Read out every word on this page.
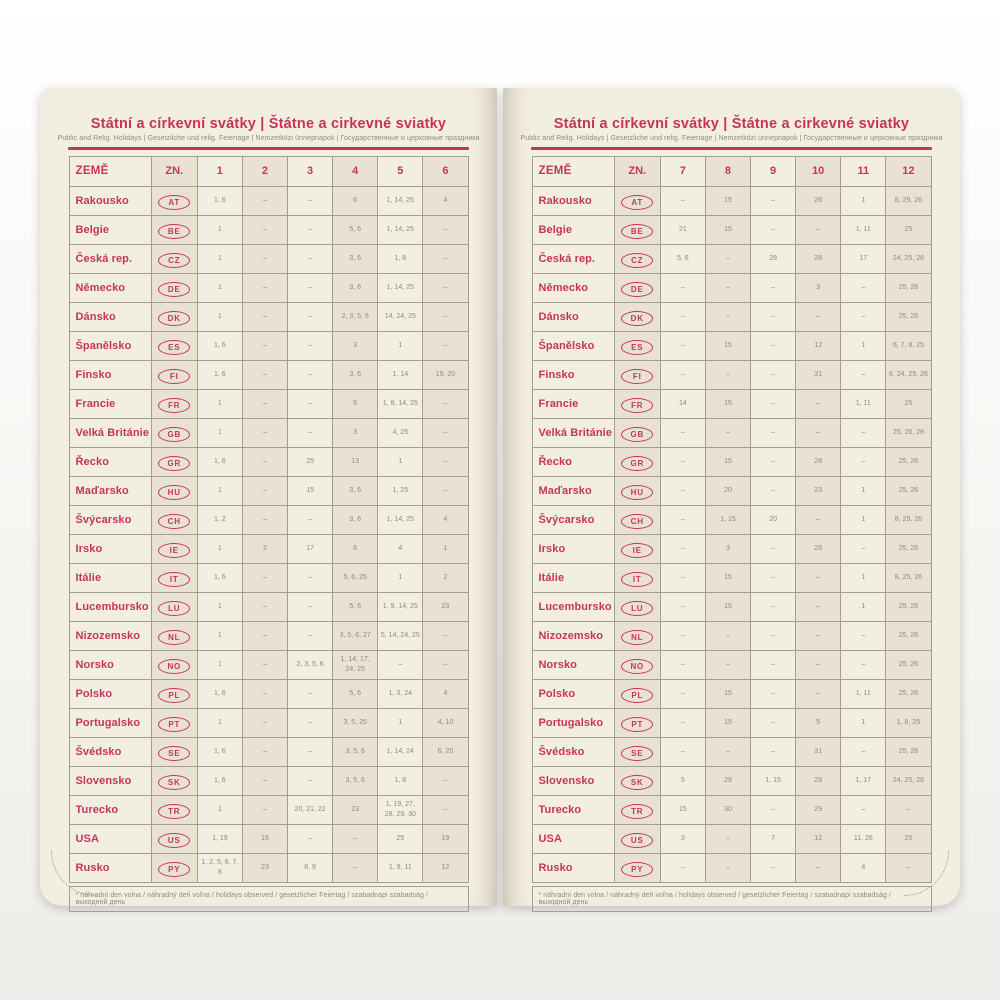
Státní a církevní svátky | Štátne a cirkevné sviatky
Public and Relig. Holidays | Gesetzliche und relig. Feiertage | Nemzetközi ünnepnapok | Государственные и церковные праздники
ZEMĚ	ZN.	1	2	3	4	5	6
Rakousko	AT	1, 6	–	–	6	1, 14, 25	4
Belgie	BE	1	–	–	5, 6	1, 14, 25	–
Česká rep.	CZ	1	–	–	3, 6	1, 8	–
Německo	DE	1	–	–	3, 6	1, 14, 25	–
Dánsko	DK	1	–	–	2, 3, 5, 6	14, 24, 25	–
Španělsko	ES	1, 6	–	–	3	1	–
Finsko	FI	1, 6	–	–	3, 6	1, 14	19, 20
Francie	FR	1	–	–	6	1, 8, 14, 25	–
Velká Británie	GB	1	–	–	3	4, 25	–
Řecko	GR	1, 6	–	25	13	1	–
Maďarsko	HU	1	–	15	3, 6	1, 25	–
Švýcarsko	CH	1, 2	–	–	3, 6	1, 14, 25	4
Irsko	IE	1	2	17	6	4	1
Itálie	IT	1, 6	–	–	5, 6, 25	1	2
Lucembursko	LU	1	–	–	5, 6	1, 9, 14, 25	23
Nizozemsko	NL	1	–	–	3, 5, 6, 27	5, 14, 24, 25	–
Norsko	NO	1	–	2, 3, 5, 6	1, 14, 17, 24, 25	–	–
Polsko	PL	1, 6	–	–	5, 6	1, 3, 24	4
Portugalsko	PT	1	–	–	3, 5, 25	1	4, 10
Švédsko	SE	1, 6	–	–	3, 5, 6	1, 14, 24	6, 20
Slovensko	SK	1, 6	–	–	3, 5, 6	1, 8	–
Turecko	TR	1	–	20, 21, 22	23	1, 19, 27, 28, 29, 30	–
USA	US	1, 19	16	–	–	25	19
Rusko	PY	1, 2, 5, 6, 7, 8	23	8, 9	–	1, 9, 11	12
* náhradní den volna / náhradný deň voľna / holidays observed / gesetzlicher Feiertag / szabadnapi szabadság / выходной день
Státní a církevní svátky | Štátne a cirkevné sviatky
Public and Relig. Holidays | Gesetzliche und relig. Feiertage | Nemzetközi ünnepnapok | Государственные и церковные праздники
ZEMĚ	ZN.	7	8	9	10	11	12
Rakousko	AT	–	15	–	26	1	8, 25, 26
Belgie	BE	21	15	–	–	1, 11	25
Česká rep.	CZ	5, 6	–	28	28	17	24, 25, 26
Německo	DE	–	–	–	3	–	25, 26
Dánsko	DK	–	–	–	–	–	25, 26
Španělsko	ES	–	15	–	12	1	6, 7, 8, 25
Finsko	FI	–	–	–	31	–	6, 24, 25, 26
Francie	FR	14	15	–	–	1, 11	25
Velká Británie	GB	–	–	–	–	–	25, 26, 28
Řecko	GR	–	15	–	28	–	25, 26
Maďarsko	HU	–	20	–	23	1	25, 26
Švýcarsko	CH	–	1, 15	20	–	1	8, 25, 26
Irsko	IE	–	3	–	26	–	25, 26
Itálie	IT	–	15	–	–	1	8, 25, 26
Lucembursko	LU	–	15	–	–	1	25, 26
Nizozemsko	NL	–	–	–	–	–	25, 26
Norsko	NO	–	–	–	–	–	25, 26
Polsko	PL	–	15	–	–	1, 11	25, 26
Portugalsko	PT	–	15	–	5	1	1, 8, 25
Švédsko	SE	–	–	–	31	–	25, 26
Slovensko	SK	5	29	1, 15	28	1, 17	24, 25, 26
Turecko	TR	15	30	–	29	–	–
USA	US	3	–	7	12	11, 26	25
Rusko	PY	–	–	–	–	4	–
* náhradní den volna / náhradný deň voľna / holidays observed / gesetzlicher Feiertag / szabadnapi szabadság / выходной день
